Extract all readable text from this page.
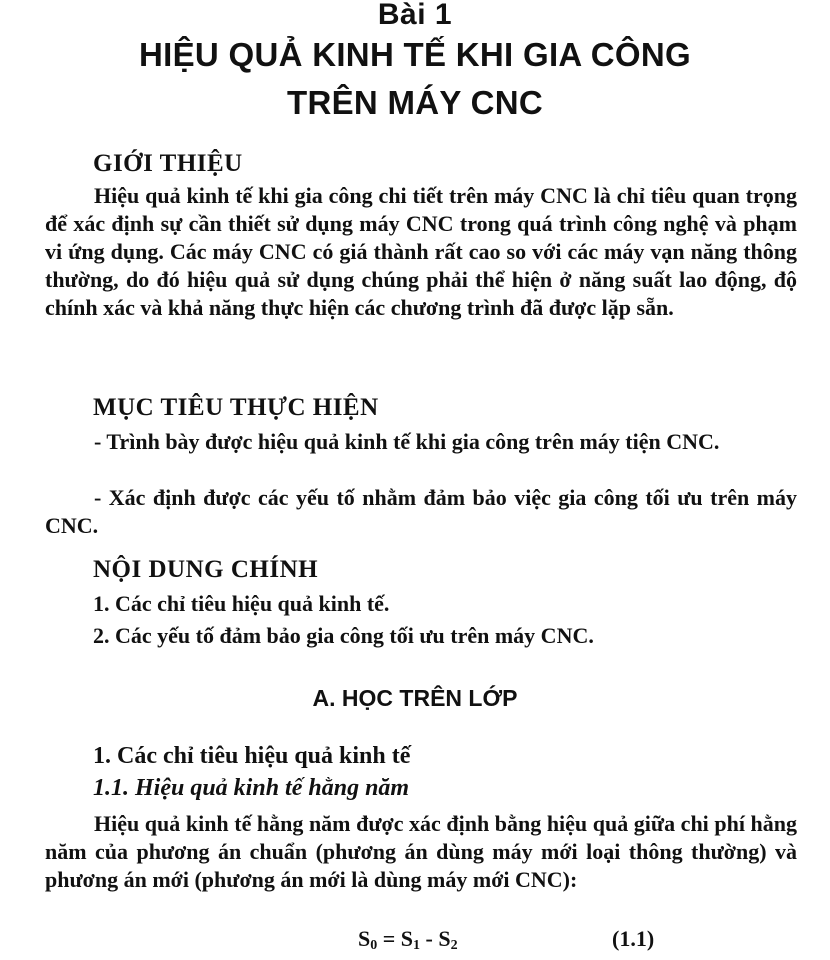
Bài 1
HIỆU QUẢ KINH TẾ KHI GIA CÔNG
TRÊN MÁY CNC
GIỚI THIỆU
Hiệu quả kinh tế khi gia công chi tiết trên máy CNC là chỉ tiêu quan trọng để xác định sự cần thiết sử dụng máy CNC trong quá trình công nghệ và phạm vi ứng dụng. Các máy CNC có giá thành rất cao so với các máy vạn năng thông thường, do đó hiệu quả sử dụng chúng phải thể hiện ở năng suất lao động, độ chính xác và khả năng thực hiện các chương trình đã được lặp sẵn.
MỤC TIÊU THỰC HIỆN
- Trình bày được hiệu quả kinh tế khi gia công trên máy tiện CNC.
- Xác định được các yếu tố nhằm đảm bảo việc gia công tối ưu trên máy CNC.
NỘI DUNG CHÍNH
1. Các chỉ tiêu hiệu quả kinh tế.
2. Các yếu tố đảm bảo gia công tối ưu trên máy CNC.
A. HỌC TRÊN LỚP
1. Các chỉ tiêu hiệu quả kinh tế
1.1. Hiệu quả kinh tế hằng năm
Hiệu quả kinh tế hằng năm được xác định bằng hiệu quả giữa chi phí hằng năm của phương án chuẩn (phương án dùng máy mới loại thông thường) và phương án mới (phương án mới là dùng máy mới CNC):
$S_0 = S_1 - S_2$	(1.1)
